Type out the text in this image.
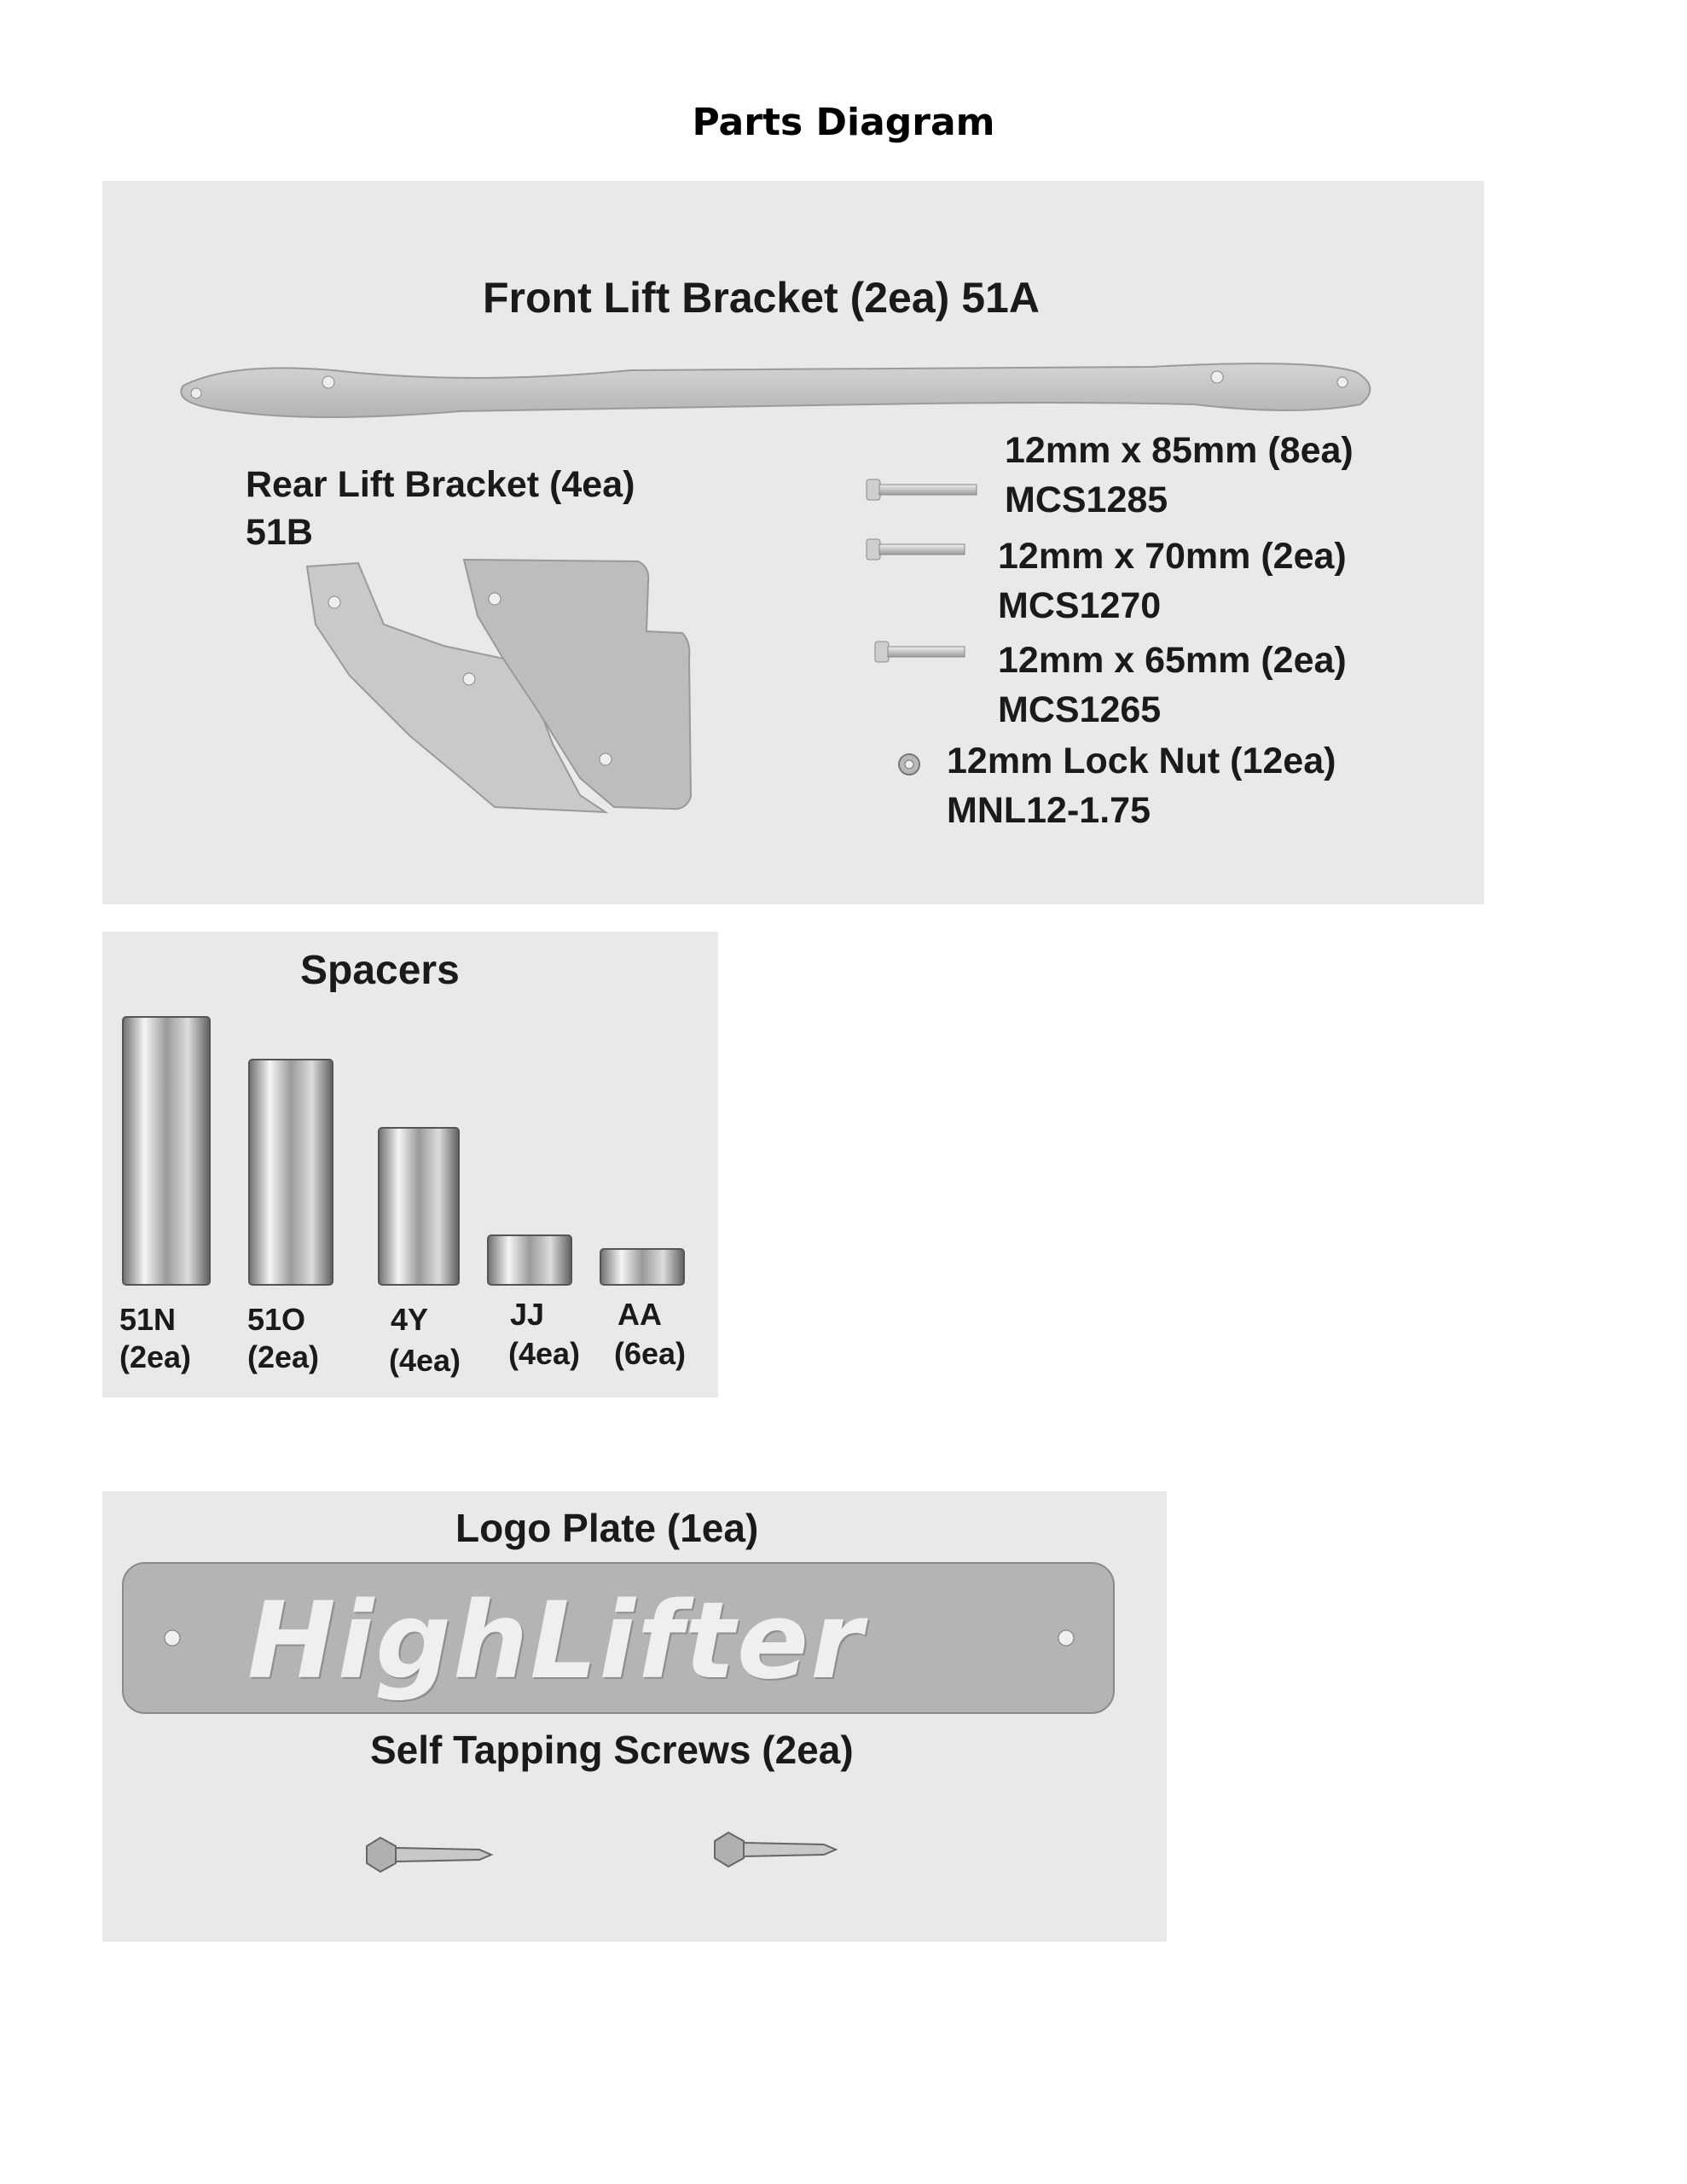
Parts Diagram
Front Lift Bracket (2ea) 51A
Rear Lift Bracket (4ea)
51B
12mm x 85mm (8ea)
MCS1285
12mm x 70mm (2ea)
MCS1270
12mm x 65mm (2ea)
MCS1265
12mm Lock Nut (12ea)
MNL12-1.75
Spacers
51N
(2ea)
51O
(2ea)
4Y
(4ea)
JJ
(4ea)
AA
(6ea)
Logo Plate (1ea)
HighLifter
Self Tapping Screws (2ea)
